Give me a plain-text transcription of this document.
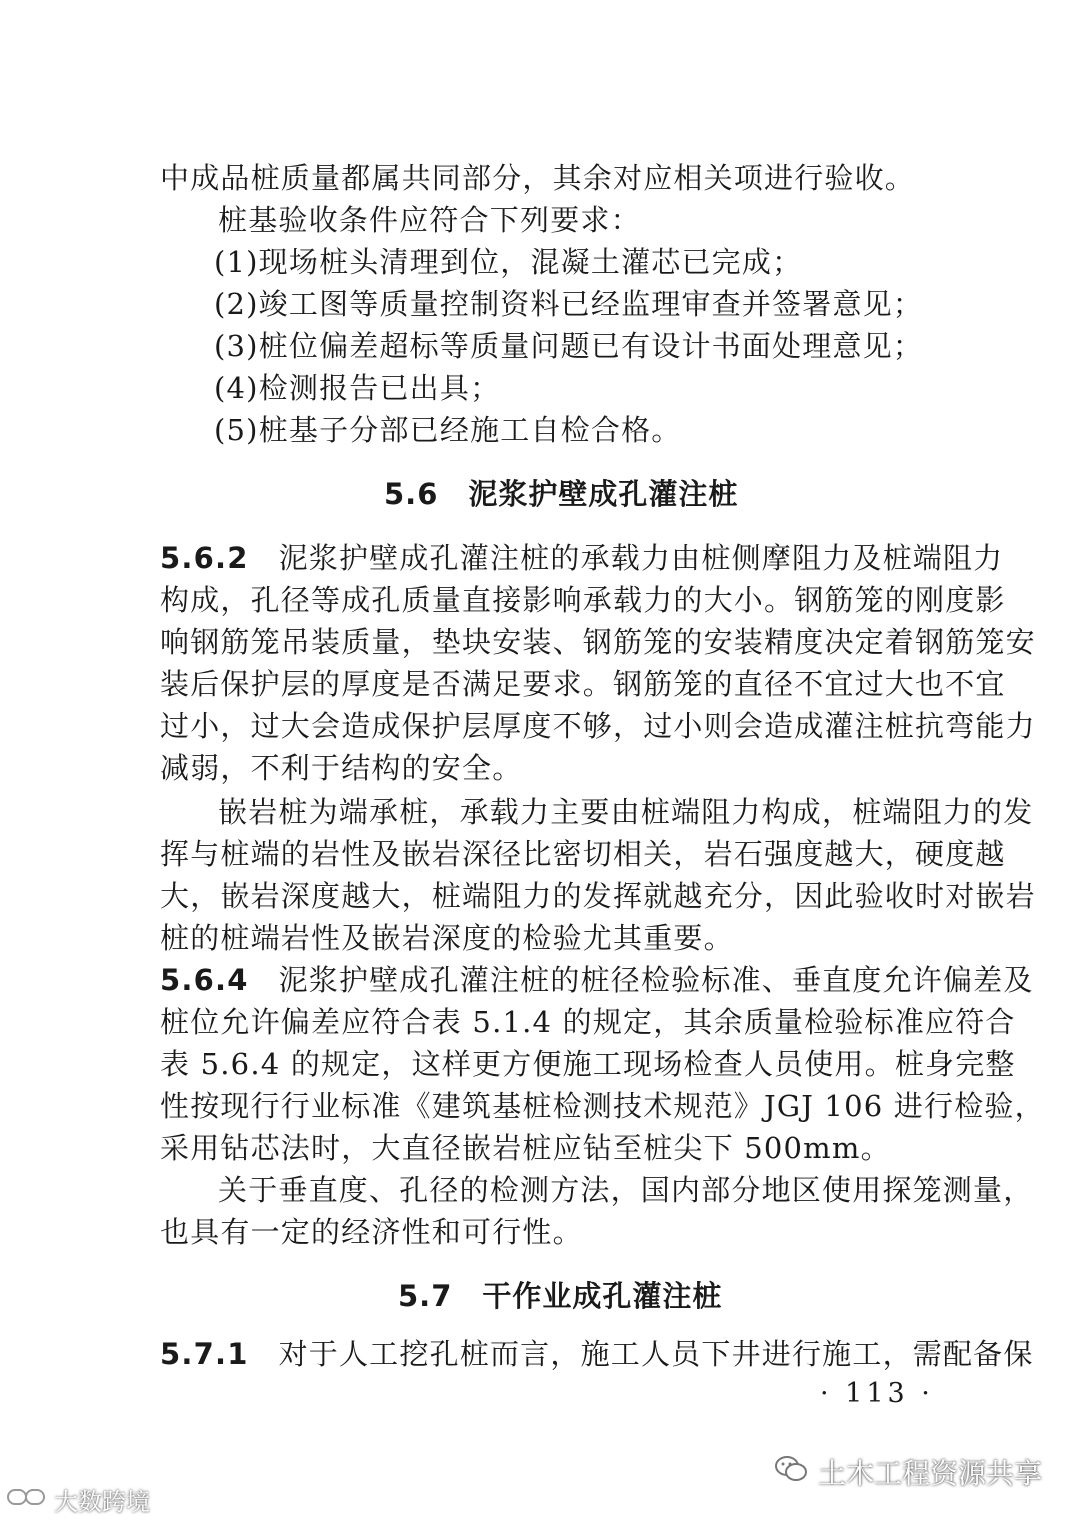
中成品桩质量都属共同部分，其余对应相关项进行验收。
桩基验收条件应符合下列要求：
(1)现场桩头清理到位，混凝土灌芯已完成；
(2)竣工图等质量控制资料已经监理审查并签署意见；
(3)桩位偏差超标等质量问题已有设计书面处理意见；
(4)检测报告已出具；
(5)桩基子分部已经施工自检合格。
5.6 泥浆护壁成孔灌注桩
5.6.2 泥浆护壁成孔灌注桩的承载力由桩侧摩阻力及桩端阻力
构成，孔径等成孔质量直接影响承载力的大小。钢筋笼的刚度影
响钢筋笼吊装质量，垫块安装、钢筋笼的安装精度决定着钢筋笼安
装后保护层的厚度是否满足要求。钢筋笼的直径不宜过大也不宜
过小，过大会造成保护层厚度不够，过小则会造成灌注桩抗弯能力
减弱，不利于结构的安全。
嵌岩桩为端承桩，承载力主要由桩端阻力构成，桩端阻力的发
挥与桩端的岩性及嵌岩深径比密切相关，岩石强度越大，硬度越
大，嵌岩深度越大，桩端阻力的发挥就越充分，因此验收时对嵌岩
桩的桩端岩性及嵌岩深度的检验尤其重要。
5.6.4 泥浆护壁成孔灌注桩的桩径检验标准、垂直度允许偏差及
桩位允许偏差应符合表 5.1.4 的规定，其余质量检验标准应符合
表 5.6.4 的规定，这样更方便施工现场检查人员使用。桩身完整
性按现行行业标准《建筑基桩检测技术规范》JGJ 106 进行检验，
采用钻芯法时，大直径嵌岩桩应钻至桩尖下 500mm。
关于垂直度、孔径的检测方法，国内部分地区使用探笼测量，
也具有一定的经济性和可行性。
5.7 干作业成孔灌注桩
5.7.1 对于人工挖孔桩而言，施工人员下井进行施工，需配备保
· 113 ·
土木工程资源共享
大数跨境
